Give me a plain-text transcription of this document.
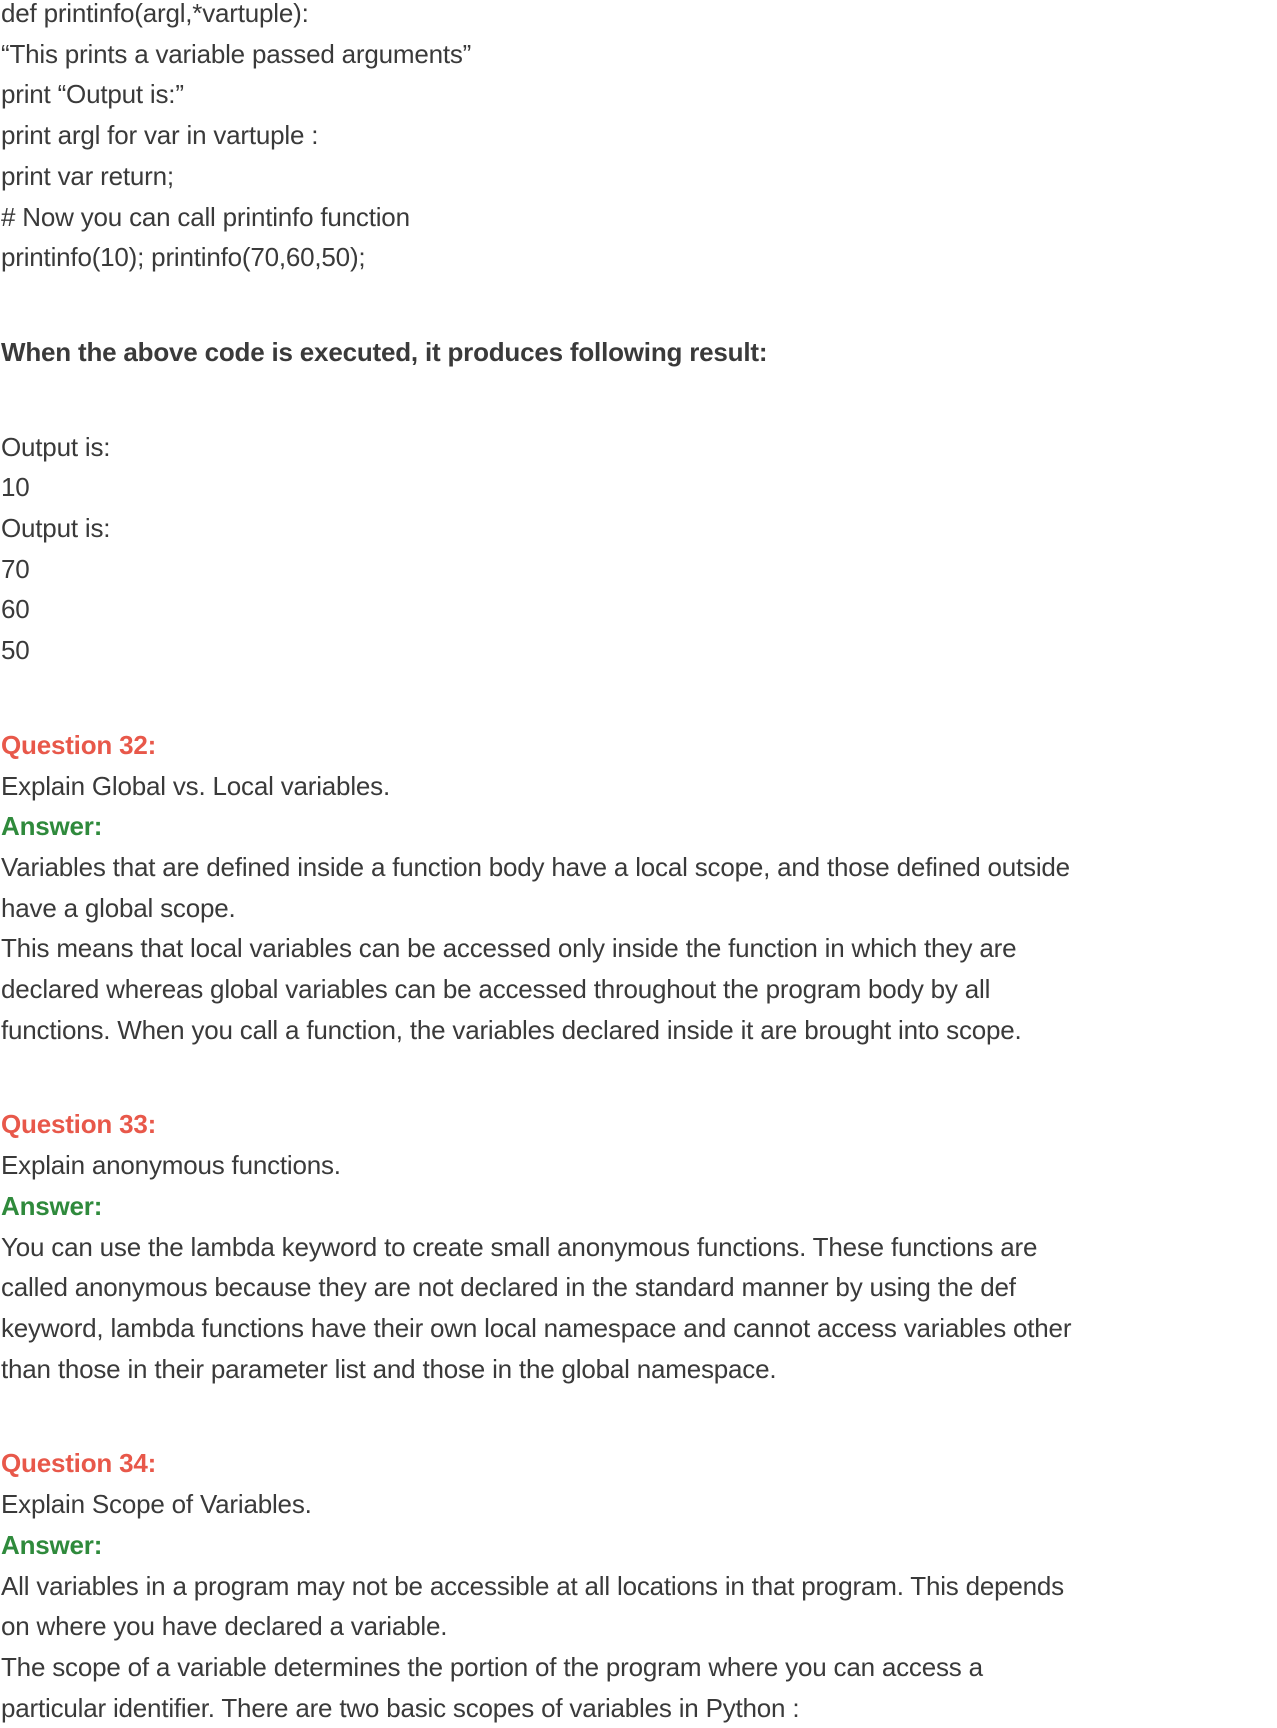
def printinfo(argl,*vartuple):
“This prints a variable passed arguments”
print “Output is:”
print argl for var in vartuple :
print var return;
# Now you can call printinfo function
printinfo(10); printinfo(70,60,50);
When the above code is executed, it produces following result:
Output is:
10
Output is:
70
60
50
Question 32:
Explain Global vs. Local variables.
Answer:
Variables that are defined inside a function body have a local scope, and those defined outside
have a global scope.
This means that local variables can be accessed only inside the function in which they are
declared whereas global variables can be accessed throughout the program body by all
functions. When you call a function, the variables declared inside it are brought into scope.
Question 33:
Explain anonymous functions.
Answer:
You can use the lambda keyword to create small anonymous functions. These functions are
called anonymous because they are not declared in the standard manner by using the def
keyword, lambda functions have their own local namespace and cannot access variables other
than those in their parameter list and those in the global namespace.
Question 34:
Explain Scope of Variables.
Answer:
All variables in a program may not be accessible at all locations in that program. This depends
on where you have declared a variable.
The scope of a variable determines the portion of the program where you can access a
particular identifier. There are two basic scopes of variables in Python :
